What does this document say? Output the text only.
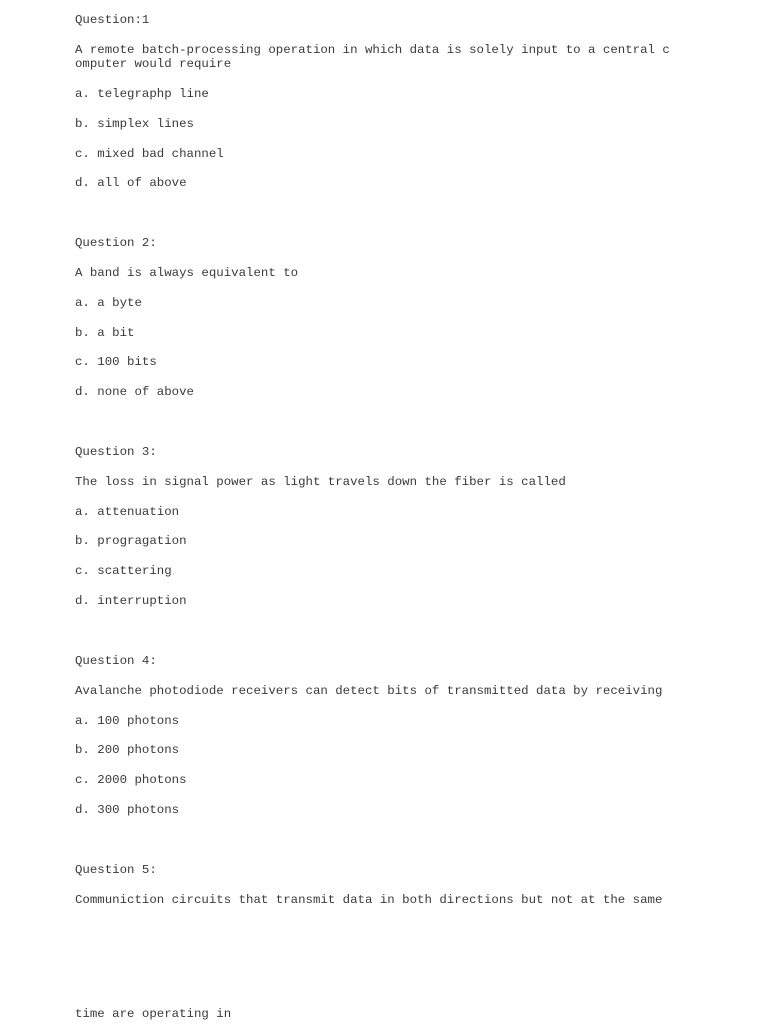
Question:1
A remote batch-processing operation in which data is solely input to a central c
omputer would require
a. telegraphp line
b. simplex lines
c. mixed bad channel
d. all of above
Question 2:
A band is always equivalent to
a. a byte
b. a bit
c. 100 bits
d. none of above
Question 3:
The loss in signal power as light travels down the fiber is called
a. attenuation
b. progragation
c. scattering
d. interruption
Question 4:
Avalanche photodiode receivers can detect bits of transmitted data by receiving
a. 100 photons
b. 200 photons
c. 2000 photons
d. 300 photons
Question 5:
Communiction circuits that transmit data in both directions but not at the same
time are operating in
